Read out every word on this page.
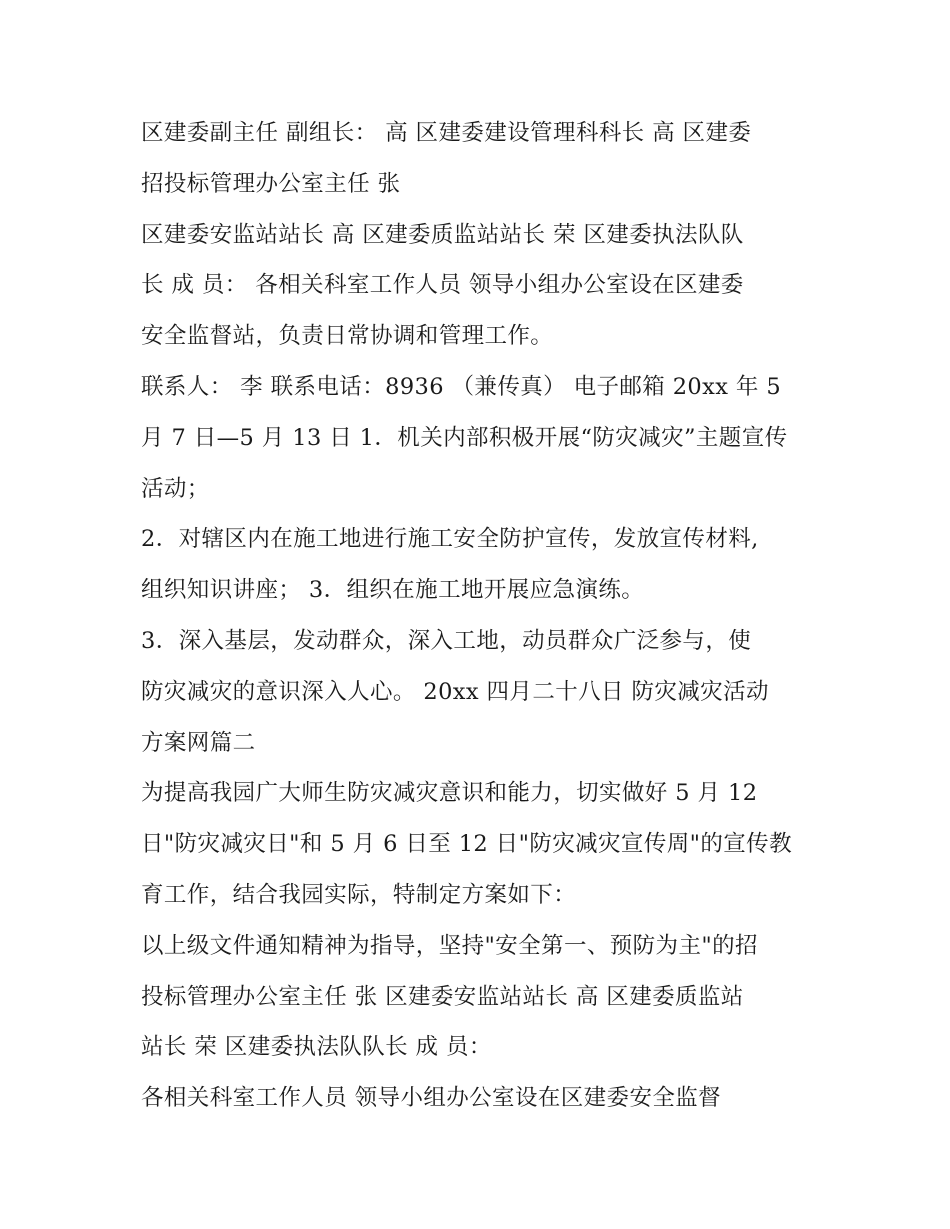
区建委副主任 副组长： 高 区建委建设管理科科长 高 区建委
招投标管理办公室主任 张
区建委安监站站长 高 区建委质监站站长 荣 区建委执法队队
长 成 员： 各相关科室工作人员 领导小组办公室设在区建委
安全监督站，负责日常协调和管理工作。
联系人： 李 联系电话：8936 （兼传真） 电子邮箱 20xx 年 5
月 7 日—5 月 13 日 1．机关内部积极开展“防灾减灾”主题宣传
活动；
2．对辖区内在施工地进行施工安全防护宣传，发放宣传材料,
组织知识讲座； 3．组织在施工地开展应急演练。
3．深入基层，发动群众，深入工地，动员群众广泛参与，使
防灾减灾的意识深入人心。 20xx 四月二十八日 防灾减灾活动
方案网篇二
为提高我园广大师生防灾减灾意识和能力，切实做好 5 月 12
日"防灾减灾日"和 5 月 6 日至 12 日"防灾减灾宣传周"的宣传教
育工作，结合我园实际，特制定方案如下：
以上级文件通知精神为指导，坚持"安全第一、预防为主"的招
投标管理办公室主任 张 区建委安监站站长 高 区建委质监站
站长 荣 区建委执法队队长 成 员：
各相关科室工作人员 领导小组办公室设在区建委安全监督
